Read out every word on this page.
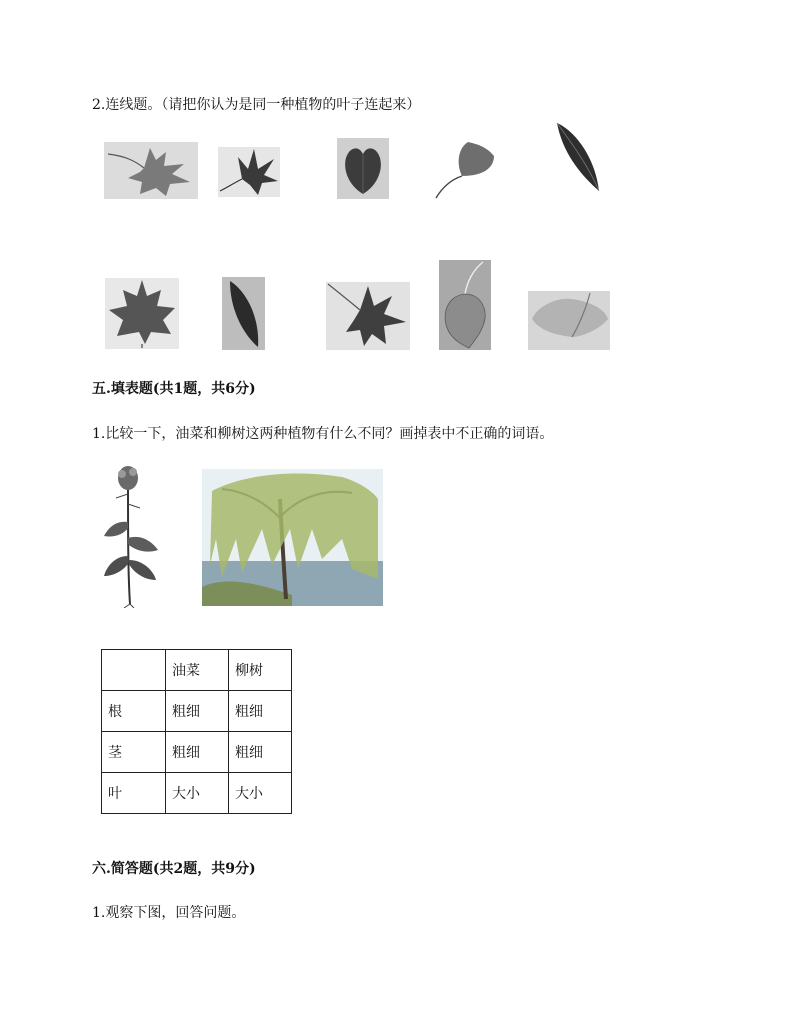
2.连线题。（请把你认为是同一种植物的叶子连起来）
五.填表题(共1题，共6分)
1.比较一下，油菜和柳树这两种植物有什么不同？画掉表中不正确的词语。
	油菜	柳树
根	粗细	粗细
茎	粗细	粗细
叶	大小	大小
六.简答题(共2题，共9分)
1.观察下图，回答问题。
